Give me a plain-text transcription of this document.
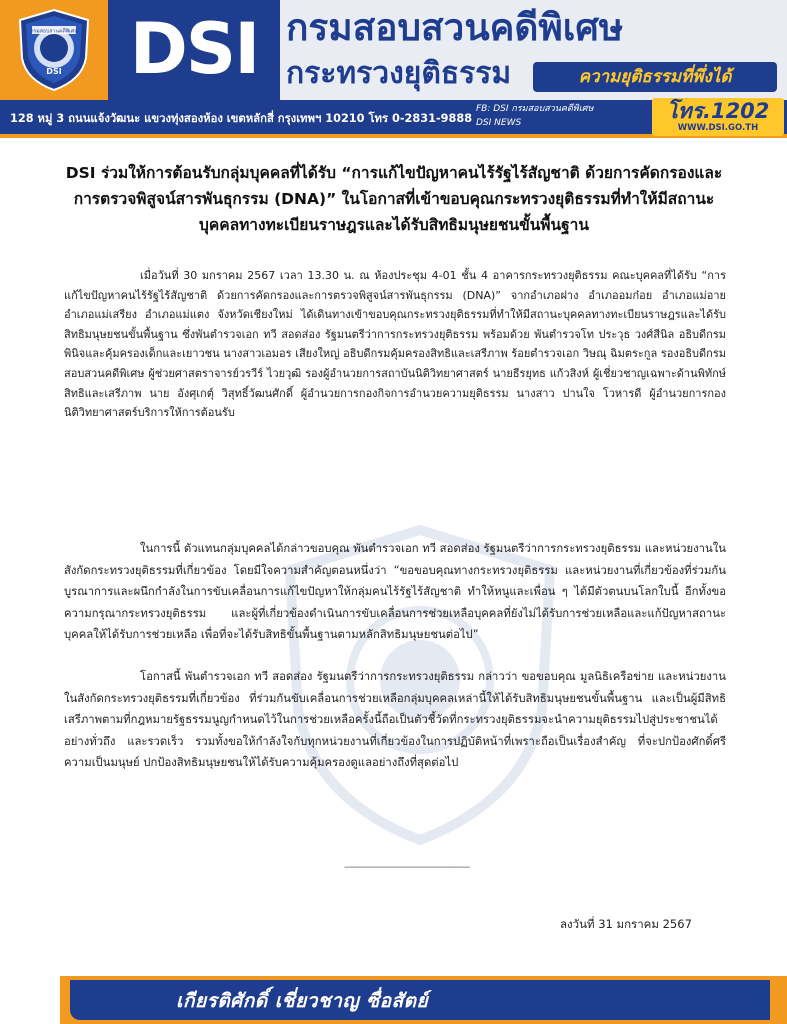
กรมสอบสวนคดีพิเศษ
DSI DSI กรมสอบสวนคดีพิเศษ
กระทรวงยุติธรรม	ความยุติธรรมที่พึ่งได้
128 หมู่ 3 ถนนแจ้งวัฒนะ แขวงทุ่งสองห้อง เขตหลักสี่ กรุงเทพฯ 10210 โทร 0-2831-9888
FB: DSI กรมสอบสวนคดีพิเศษ
DSI NEWS	โทร.1202
WWW.DSI.GO.TH
DSI ร่วมให้การต้อนรับกลุ่มบุคคลที่ได้รับ “การแก้ไขปัญหาคนไร้รัฐไร้สัญชาติ ด้วยการคัดกรองและการตรวจพิสูจน์สารพันธุกรรม (DNA)” ในโอกาสที่เข้าขอบคุณกระทรวงยุติธรรมที่ทำให้มีสถานะบุคคลทางทะเบียนราษฎรและได้รับสิทธิมนุษยชนขั้นพื้นฐาน

เมื่อวันที่ 30 มกราคม 2567 เวลา 13.30 น. ณ ห้องประชุม 4-01 ชั้น 4 อาคารกระทรวงยุติธรรม คณะบุคคลที่ได้รับ “การแก้ไขปัญหาคนไร้รัฐไร้สัญชาติ ด้วยการคัดกรองและการตรวจพิสูจน์สารพันธุกรรม (DNA)” จากอำเภอฝาง อำเภออมก๋อย อำเภอแม่อาย อำเภอแม่เสรียง อำเภอแม่แตง จังหวัดเชียงใหม่ ได้เดินทางเข้าขอบคุณกระทรวงยุติธรรมที่ทำให้มีสถานะบุคคลทางทะเบียนราษฎรและได้รับสิทธิมนุษยชนขั้นพื้นฐาน ซึ่งพันตำรวจเอก ทวี สอดส่อง รัฐมนตรีว่าการกระทรวงยุติธรรม พร้อมด้วย พันตำรวจโท ประวุธ วงศ์สีนิล อธิบดีกรมพินิจและคุ้มครองเด็กและเยาวชน นางสาวเอมอร เสียงใหญ่ อธิบดีกรมคุ้มครองสิทธิและเสรีภาพ ร้อยตำรวจเอก วิษณุ ฉิมตระกูล รองอธิบดีกรมสอบสวนคดีพิเศษ ผู้ช่วยศาสตราจารย์วรวีร์ ไวยวุฒิ รองผู้อำนวยการสถาบันนิติวิทยาศาสตร์ นายธีรยุทธ แก้วสิงห์ ผู้เชี่ยวชาญเฉพาะด้านพิทักษ์สิทธิและเสรีภาพ นาย อังศุเกตุ์ วิสุทธิ์วัฒนศักดิ์ ผู้อำนวยการกองกิจการอำนวยความยุติธรรม นางสาว ปานใจ โวหารดี ผู้อำนวยการกองนิติวิทยาศาสตร์บริการให้การต้อนรับ

ในการนี้ ตัวแทนกลุ่มบุคคลได้กล่าวขอบคุณ พันตำรวจเอก ทวี สอดส่อง รัฐมนตรีว่าการกระทรวงยุติธรรม และหน่วยงานในสังกัดกระทรวงยุติธรรมที่เกี่ยวข้อง โดยมีใจความสำคัญตอนหนึ่งว่า “ขอขอบคุณทางกระทรวงยุติธรรม และหน่วยงานที่เกี่ยวข้องที่ร่วมกันบูรณาการและผนึกกำลังในการขับเคลื่อนการแก้ไขปัญหาให้กลุ่มคนไร้รัฐไร้สัญชาติ ทำให้หนูและเพื่อน ๆ ได้มีตัวตนบนโลกใบนี้ อีกทั้งขอความกรุณากระทรวงยุติธรรม และผู้ที่เกี่ยวข้องดำเนินการขับเคลื่อนการช่วยเหลือบุคคลที่ยังไม่ได้รับการช่วยเหลือและแก้ปัญหาสถานะบุคคลให้ได้รับการช่วยเหลือ เพื่อที่จะได้รับสิทธิขั้นพื้นฐานตามหลักสิทธิมนุษยชนต่อไป”

โอกาสนี้ พันตำรวจเอก ทวี สอดส่อง รัฐมนตรีว่าการกระทรวงยุติธรรม กล่าวว่า ขอขอบคุณ มูลนิธิเครือข่าย และหน่วยงานในสังกัดกระทรวงยุติธรรมที่เกี่ยวข้อง ที่ร่วมกันขับเคลื่อนการช่วยเหลือกลุ่มบุคคลเหล่านี้ให้ได้รับสิทธิมนุษยชนขั้นพื้นฐาน และเป็นผู้มีสิทธิเสรีภาพตามที่กฎหมายรัฐธรรมนูญกำหนดไว้ในการช่วยเหลือครั้งนี้ถือเป็นตัวชี้วัดที่กระทรวงยุติธรรมจะนำความยุติธรรมไปสู่ประชาชนได้อย่างทั่วถึง และรวดเร็ว รวมทั้งขอให้กำลังใจกับทุกหน่วยงานที่เกี่ยวข้องในการปฏิบัติหน้าที่เพราะถือเป็นเรื่องสำคัญ ที่จะปกป้องศักดิ์ศรีความเป็นมนุษย์ ปกป้องสิทธิมนุษยชนให้ได้รับความคุ้มครองดูแลอย่างถึงที่สุดต่อไป

------------------------------------------------
ลงวันที่ 31 มกราคม 2567
เกียรติศักดิ์ เชี่ยวชาญ ซื่อสัตย์
